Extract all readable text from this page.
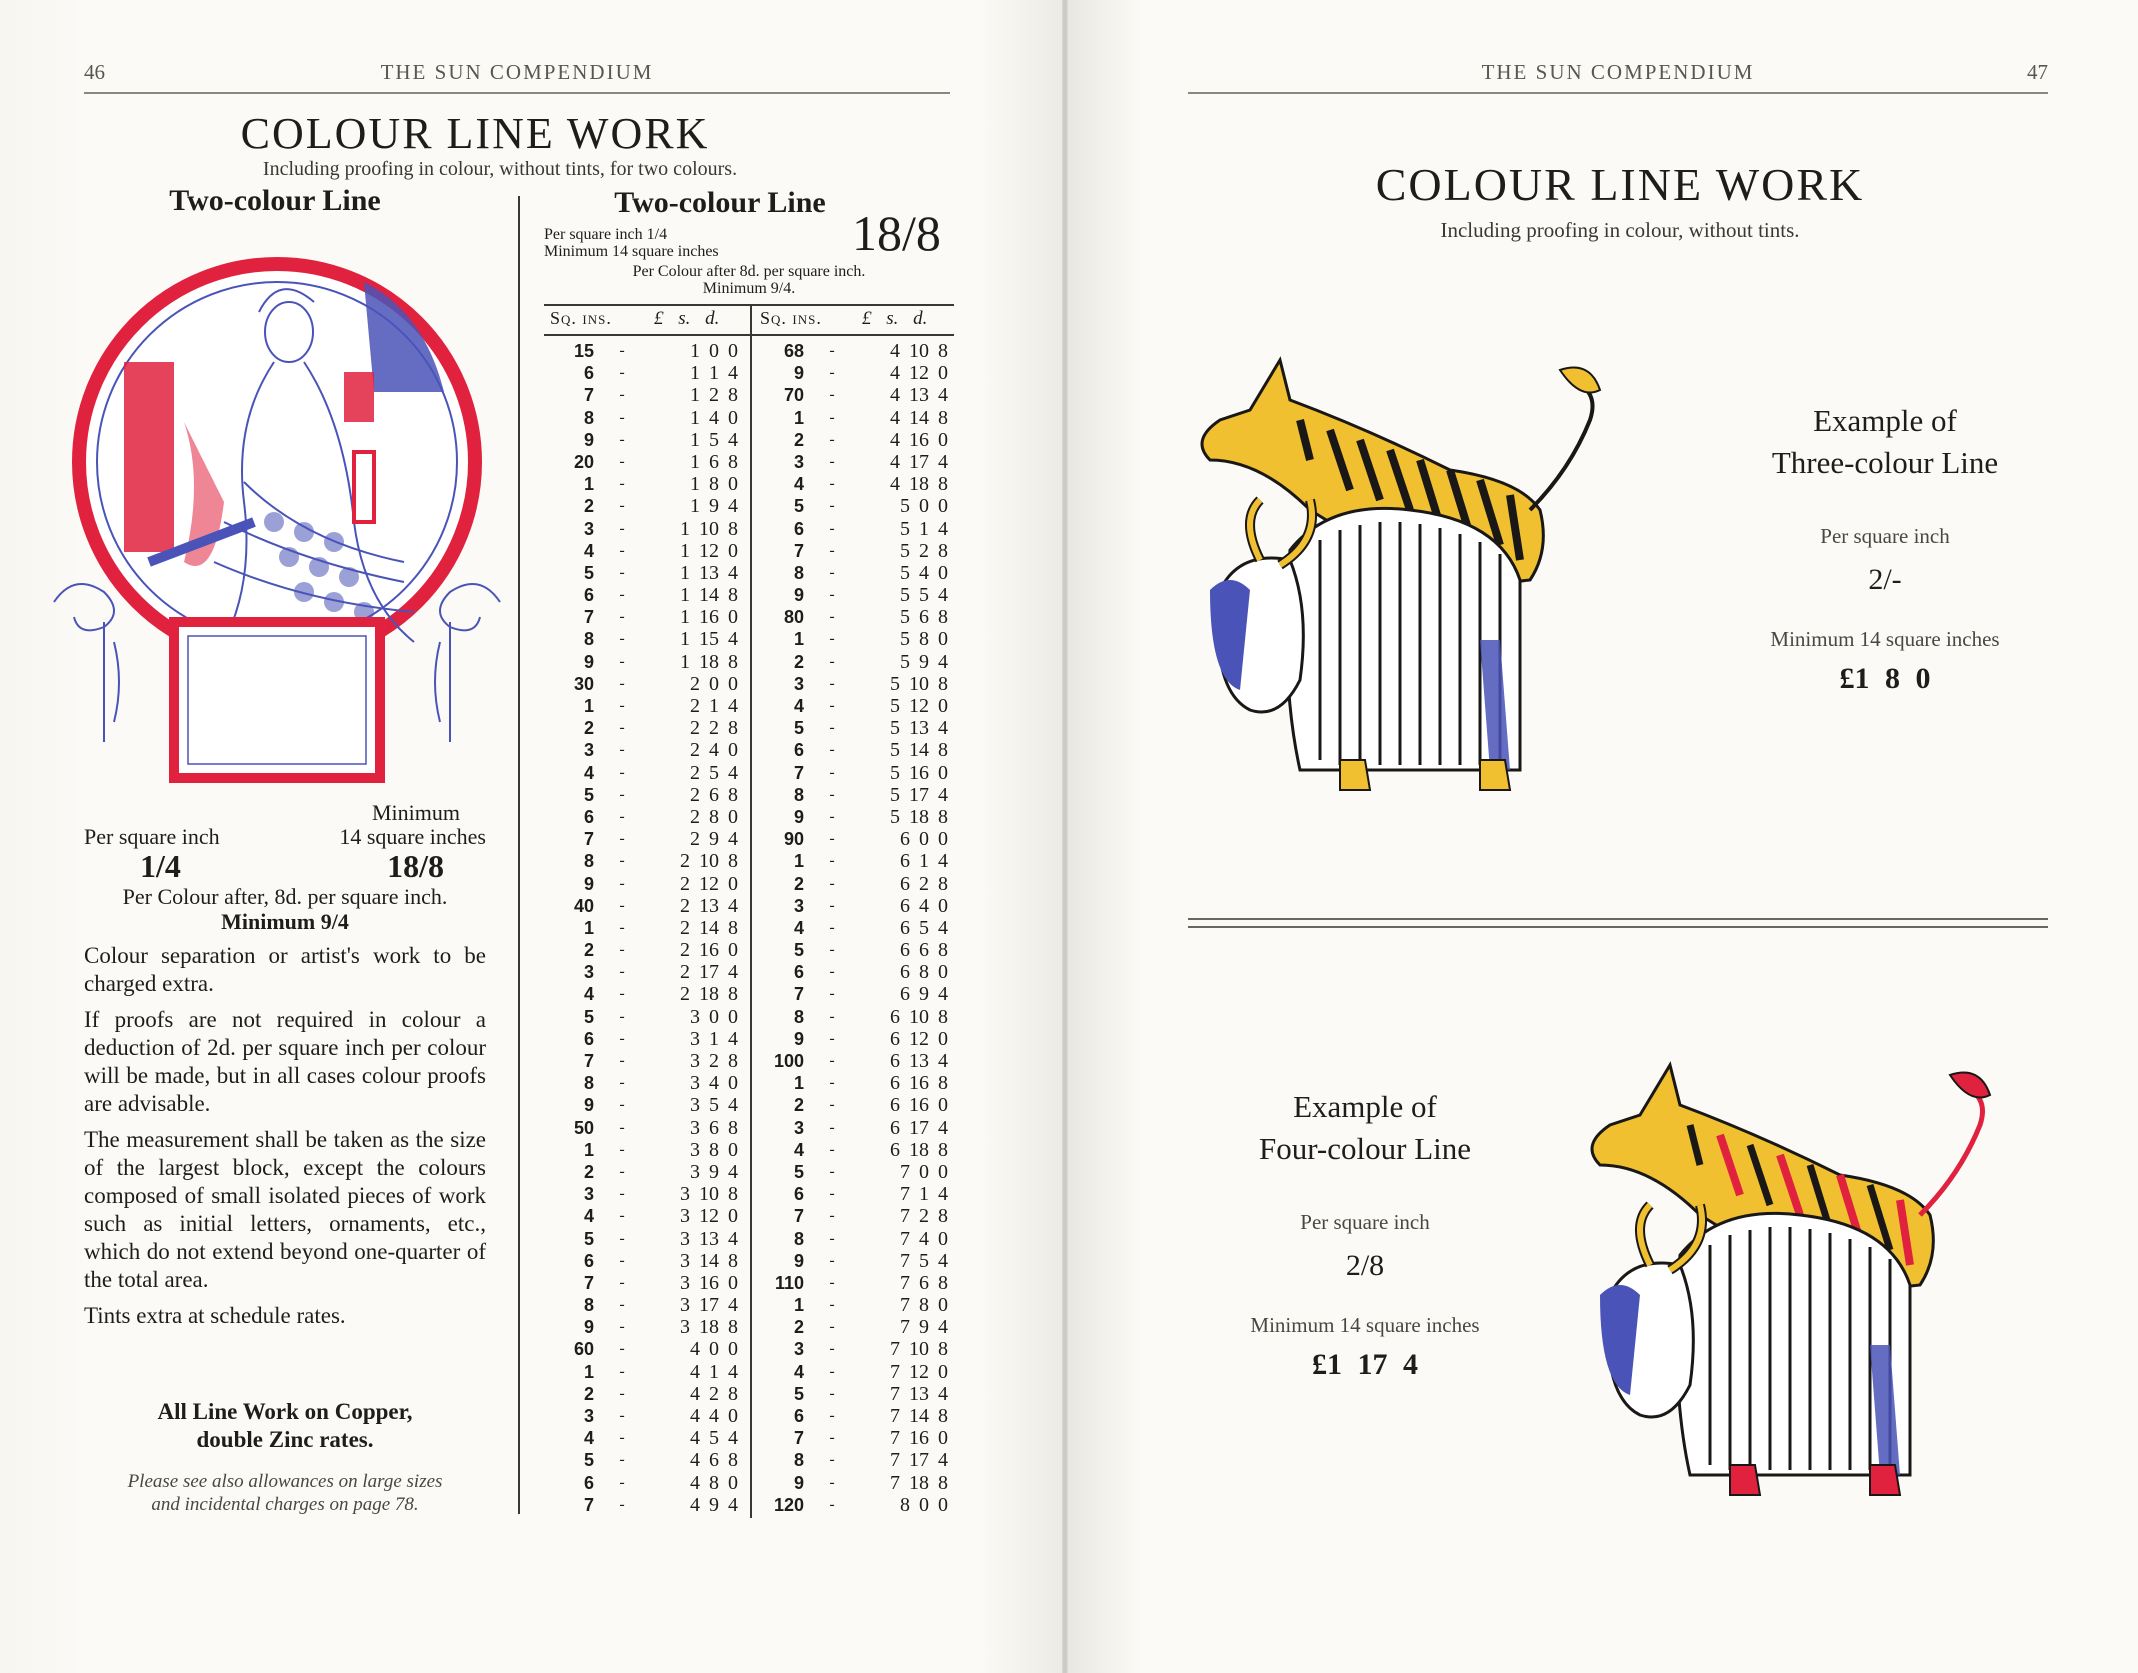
46	THE SUN COMPENDIUM
COLOUR LINE WORK
Including proofing in colour, without tints, for two colours.
Two-colour Line
Per square inch
1/4
Minimum
14 square inches
18/8
Per Colour after, 8d. per square inch.
Minimum 9/4

Colour separation or artist's work to be charged extra.

If proofs are not required in colour a deduction of 2d. per square inch per colour will be made, but in all cases colour proofs are advisable.

The measurement shall be taken as the size of the largest block, except the colours composed of small isolated pieces of work such as initial letters, ornaments, etc., which do not extend beyond one-quarter of the total area.

Tints extra at schedule rates.

All Line Work on Copper,
double Zinc rates.
Please see also allowances on large sizes
and incidental charges on page 78.
Two-colour Line
18/8
Per square inch 1/4
Minimum 14 square inches
Per Colour after 8d. per square inch.
Minimum 9/4.
Sq. ins. £ s. d. Sq. ins. £ s. d.
15 -	1 0 0
6 -	1 1 4
7 -	1 2 8
8 -	1 4 0
9 -	1 5 4
20 -	1 6 8
1 -	1 8 0
2 -	1 9 4
3 -	1 10 8
4 -	1 12 0
5 -	1 13 4
6 -	1 14 8
7 -	1 16 0
8 -	1 15 4
9 -	1 18 8
30 -	2 0 0
1 -	2 1 4
2 -	2 2 8
3 -	2 4 0
4 -	2 5 4
5 -	2 6 8
6 -	2 8 0
7 -	2 9 4
8 -	2 10 8
9 -	2 12 0
40 -	2 13 4
1 -	2 14 8
2 -	2 16 0
3 -	2 17 4
4 -	2 18 8
5 -	3 0 0
6 -	3 1 4
7 -	3 2 8
8 -	3 4 0
9 -	3 5 4
50 -	3 6 8
1 -	3 8 0
2 -	3 9 4
3 -	3 10 8
4 -	3 12 0
5 -	3 13 4
6 -	3 14 8
7 -	3 16 0
8 -	3 17 4
9 -	3 18 8
60 -	4 0 0
1 -	4 1 4
2 -	4 2 8
3 -	4 4 0
4 -	4 5 4
5 -	4 6 8
6 -	4 8 0
7 -	4 9 4
68 -	4 10 8
9 -	4 12 0
70 -	4 13 4
1 -	4 14 8
2 -	4 16 0
3 -	4 17 4
4 -	4 18 8
5 -	5 0 0
6 -	5 1 4
7 -	5 2 8
8 -	5 4 0
9 -	5 5 4
80 -	5 6 8
1 -	5 8 0
2 -	5 9 4
3 -	5 10 8
4 -	5 12 0
5 -	5 13 4
6 -	5 14 8
7 -	5 16 0
8 -	5 17 4
9 -	5 18 8
90 -	6 0 0
1 -	6 1 4
2 -	6 2 8
3 -	6 4 0
4 -	6 5 4
5 -	6 6 8
6 -	6 8 0
7 -	6 9 4
8 -	6 10 8
9 -	6 12 0
100 -	6 13 4
1 -	6 16 8
2 -	6 16 0
3 -	6 17 4
4 -	6 18 8
5 -	7 0 0
6 -	7 1 4
7 -	7 2 8
8 -	7 4 0
9 -	7 5 4
110 -	7 6 8
1 -	7 8 0
2 -	7 9 4
3 -	7 10 8
4 -	7 12 0
5 -	7 13 4
6 -	7 14 8
7 -	7 16 0
8 -	7 17 4
9 -	7 18 8
120 -	8 0 0
THE SUN COMPENDIUM	47
COLOUR LINE WORK
Including proofing in colour, without tints.
Example of
Three-colour Line
Per square inch
2/-
Minimum 14 square inches
£1 8 0
Example of
Four-colour Line
Per square inch
2/8
Minimum 14 square inches
£1 17 4
